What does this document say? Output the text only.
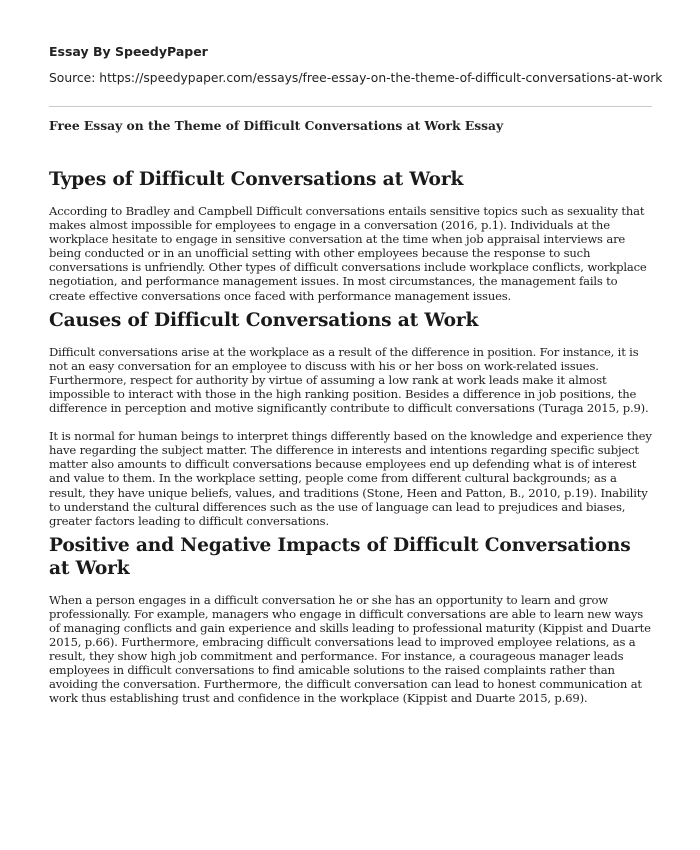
Essay By SpeedyPaper
Source: https://speedypaper.com/essays/free-essay-on-the-theme-of-difficult-conversations-at-work
Free Essay on the Theme of Difficult Conversations at Work Essay
Types of Difficult Conversations at Work

According to Bradley and Campbell Difficult conversations entails sensitive topics such as sexuality that makes almost impossible for employees to engage in a conversation (2016, p.1). Individuals at the workplace hesitate to engage in sensitive conversation at the time when job appraisal interviews are being conducted or in an unofficial setting with other employees because the response to such conversations is unfriendly. Other types of difficult conversations include workplace conflicts, workplace negotiation, and performance management issues. In most circumstances, the management fails to create effective conversations once faced with performance management issues.

Causes of Difficult Conversations at Work

Difficult conversations arise at the workplace as a result of the difference in position. For instance, it is not an easy conversation for an employee to discuss with his or her boss on work-related issues. Furthermore, respect for authority by virtue of assuming a low rank at work leads make it almost impossible to interact with those in the high ranking position. Besides a difference in job positions, the difference in perception and motive significantly contribute to difficult conversations (Turaga 2015, p.9).

It is normal for human beings to interpret things differently based on the knowledge and experience they have regarding the subject matter. The difference in interests and intentions regarding specific subject matter also amounts to difficult conversations because employees end up defending what is of interest and value to them. In the workplace setting, people come from different cultural backgrounds; as a result, they have unique beliefs, values, and traditions (Stone, Heen and Patton, B., 2010, p.19). Inability to understand the cultural differences such as the use of language can lead to prejudices and biases, greater factors leading to difficult conversations.

Positive and Negative Impacts of Difficult Conversations at Work

When a person engages in a difficult conversation he or she has an opportunity to learn and grow professionally. For example, managers who engage in difficult conversations are able to learn new ways of managing conflicts and gain experience and skills leading to professional maturity (Kippist and Duarte 2015, p.66). Furthermore, embracing difficult conversations lead to improved employee relations, as a result, they show high job commitment and performance. For instance, a courageous manager leads employees in difficult conversations to find amicable solutions to the raised complaints rather than avoiding the conversation. Furthermore, the difficult conversation can lead to honest communication at work thus establishing trust and confidence in the workplace (Kippist and Duarte 2015, p.69).
